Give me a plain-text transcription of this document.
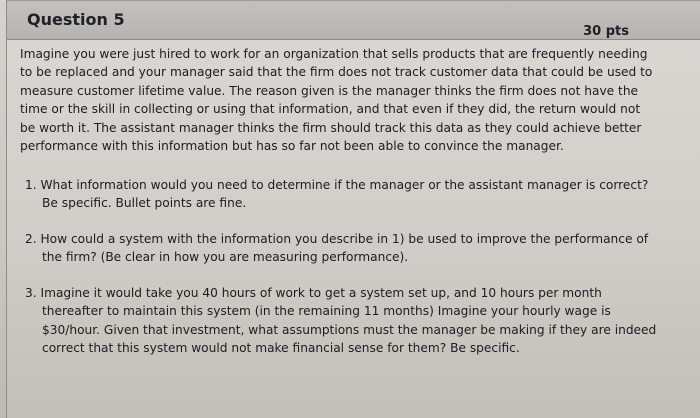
Question 5
30 pts
Imagine you were just hired to work for an organization that sells products that are frequently needing
to be replaced and your manager said that the firm does not track customer data that could be used to
measure customer lifetime value. The reason given is the manager thinks the firm does not have the
time or the skill in collecting or using that information, and that even if they did, the return would not
be worth it. The assistant manager thinks the firm should track this data as they could achieve better
performance with this information but has so far not been able to convince the manager.
1. What information would you need to determine if the manager or the assistant manager is correct?
Be specific. Bullet points are fine.
2. How could a system with the information you describe in 1) be used to improve the performance of
the firm? (Be clear in how you are measuring performance).
3. Imagine it would take you 40 hours of work to get a system set up, and 10 hours per month
thereafter to maintain this system (in the remaining 11 months) Imagine your hourly wage is
$30/hour. Given that investment, what assumptions must the manager be making if they are indeed
correct that this system would not make financial sense for them? Be specific.
